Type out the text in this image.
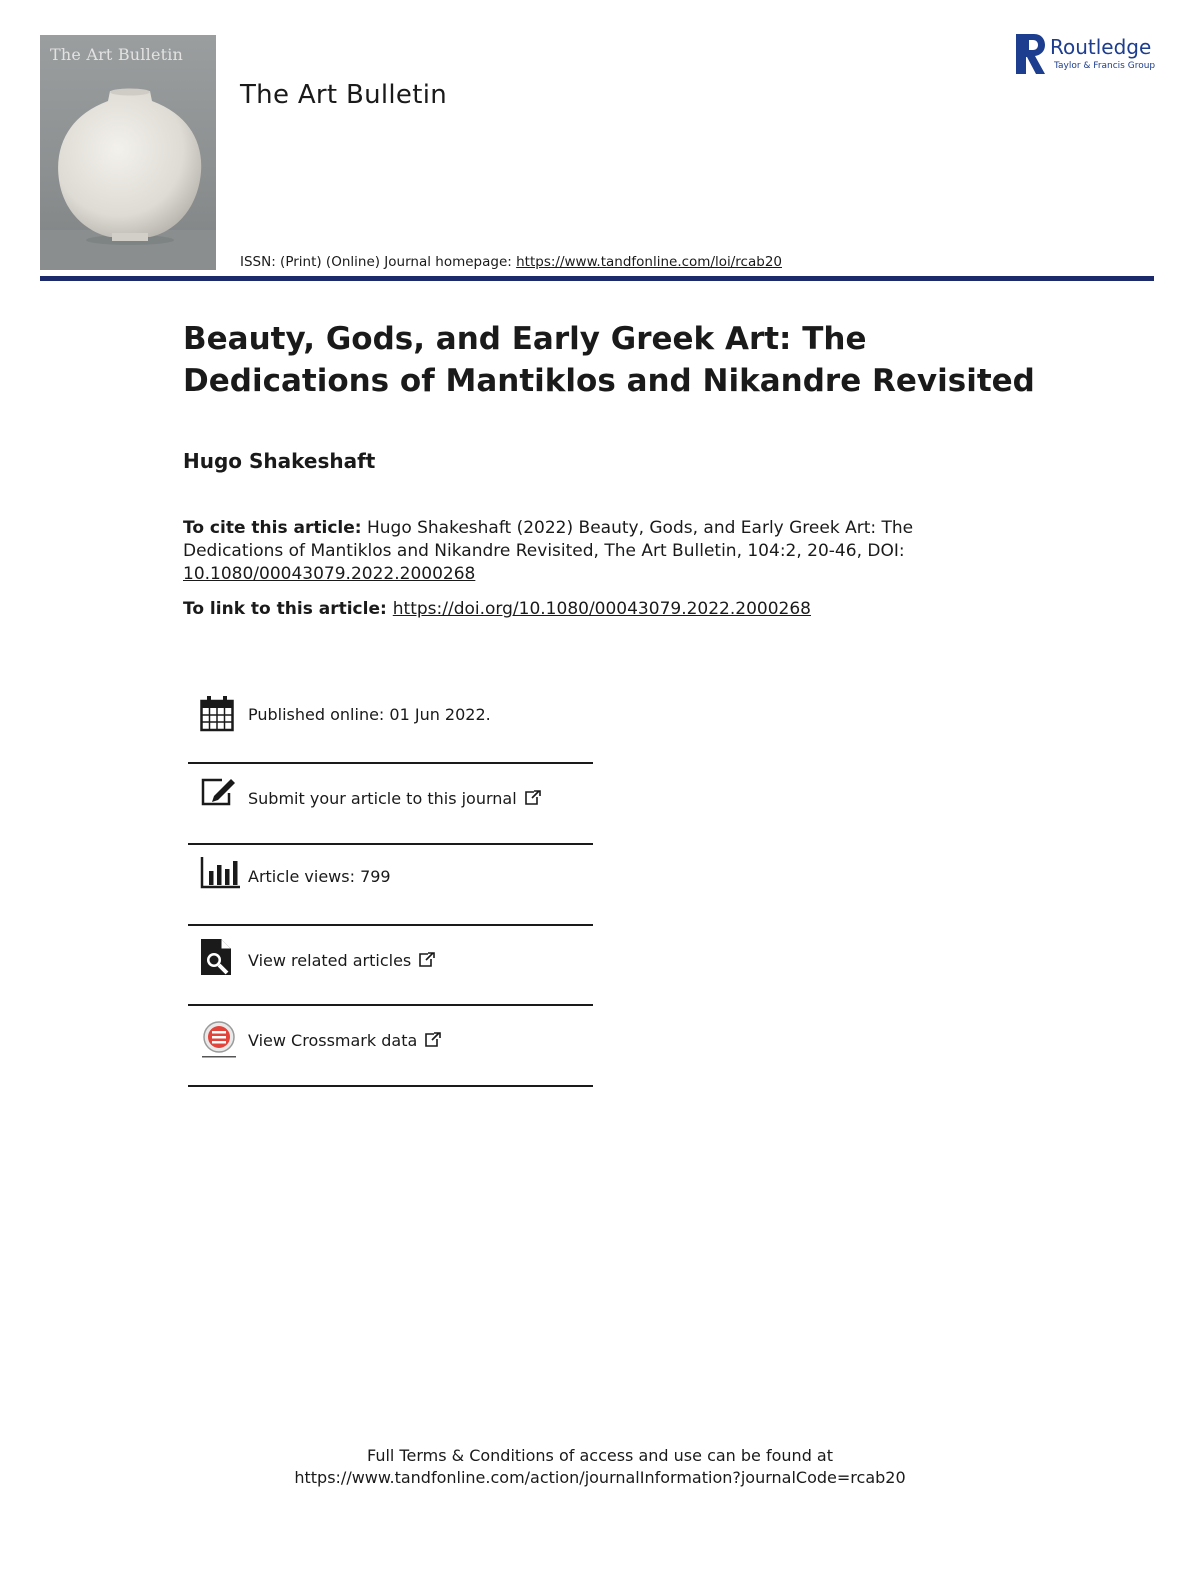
The Art Bulletin
The Art Bulletin
Routledge
Taylor & Francis Group
ISSN: (Print) (Online) Journal homepage: https://www.tandfonline.com/loi/rcab20
Beauty, Gods, and Early Greek Art: The Dedications of Mantiklos and Nikandre Revisited
Hugo Shakeshaft
To cite this article: Hugo Shakeshaft (2022) Beauty, Gods, and Early Greek Art: The Dedications of Mantiklos and Nikandre Revisited, The Art Bulletin, 104:2, 20-46, DOI: 10.1080/00043079.2022.2000268
To link to this article: https://doi.org/10.1080/00043079.2022.2000268
Published online: 01 Jun 2022.
Submit your article to this journal
Article views: 799
View related articles
View Crossmark data
Full Terms & Conditions of access and use can be found at
https://www.tandfonline.com/action/journalInformation?journalCode=rcab20
